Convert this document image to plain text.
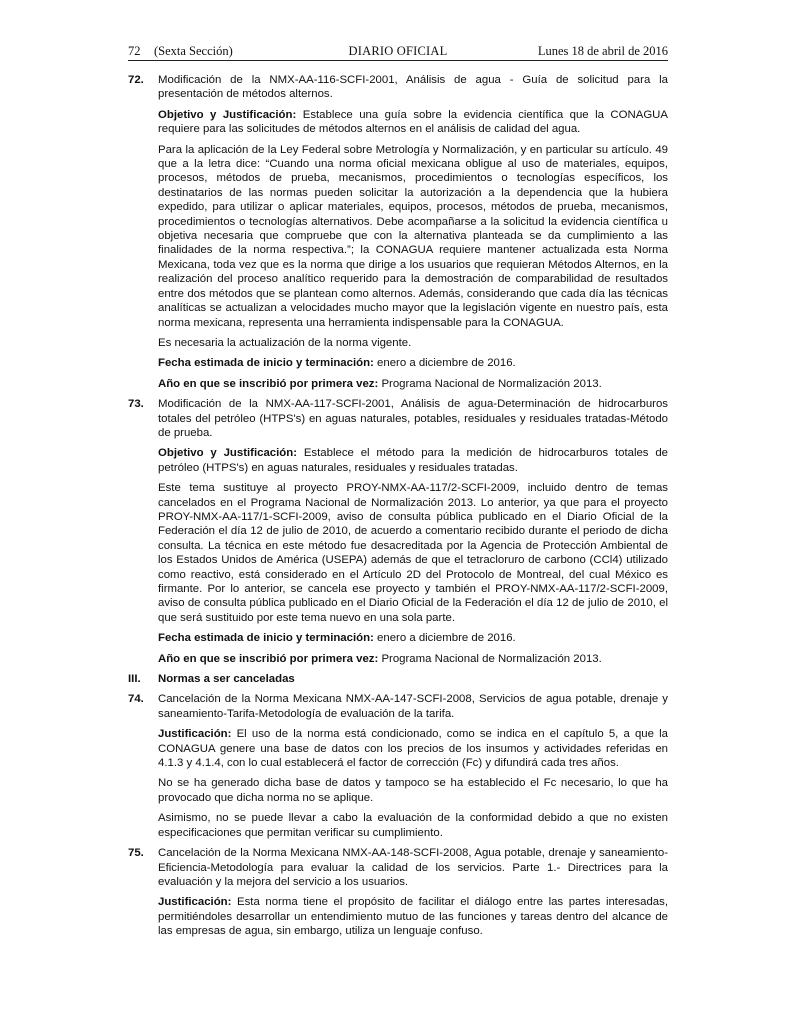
72 (Sexta Sección)	DIARIO OFICIAL	Lunes 18 de abril de 2016
72. Modificación de la NMX-AA-116-SCFI-2001, Análisis de agua - Guía de solicitud para la presentación de métodos alternos.

Objetivo y Justificación: Establece una guía sobre la evidencia científica que la CONAGUA requiere para las solicitudes de métodos alternos en el análisis de calidad del agua.

Para la aplicación de la Ley Federal sobre Metrología y Normalización, y en particular su artículo. 49 que a la letra dice: “Cuando una norma oficial mexicana obligue al uso de materiales, equipos, procesos, métodos de prueba, mecanismos, procedimientos o tecnologías específicos, los destinatarios de las normas pueden solicitar la autorización a la dependencia que la hubiera expedido, para utilizar o aplicar materiales, equipos, procesos, métodos de prueba, mecanismos, procedimientos o tecnologías alternativos. Debe acompañarse a la solicitud la evidencia científica u objetiva necesaria que compruebe que con la alternativa planteada se da cumplimiento a las finalidades de la norma respectiva.”; la CONAGUA requiere mantener actualizada esta Norma Mexicana, toda vez que es la norma que dirige a los usuarios que requieran Métodos Alternos, en la realización del proceso analítico requerido para la demostración de comparabilidad de resultados entre dos métodos que se plantean como alternos. Además, considerando que cada día las técnicas analíticas se actualizan a velocidades mucho mayor que la legislación vigente en nuestro país, esta norma mexicana, representa una herramienta indispensable para la CONAGUA.

Es necesaria la actualización de la norma vigente.

Fecha estimada de inicio y terminación: enero a diciembre de 2016.

Año en que se inscribió por primera vez: Programa Nacional de Normalización 2013.

73. Modificación de la NMX-AA-117-SCFI-2001, Análisis de agua-Determinación de hidrocarburos totales del petróleo (HTPS's) en aguas naturales, potables, residuales y residuales tratadas-Método de prueba.

Objetivo y Justificación: Establece el método para la medición de hidrocarburos totales de petróleo (HTPS's) en aguas naturales, residuales y residuales tratadas.

Este tema sustituye al proyecto PROY-NMX-AA-117/2-SCFI-2009, incluido dentro de temas cancelados en el Programa Nacional de Normalización 2013. Lo anterior, ya que para el proyecto PROY-NMX-AA-117/1-SCFI-2009, aviso de consulta pública publicado en el Diario Oficial de la Federación el día 12 de julio de 2010, de acuerdo a comentario recibido durante el periodo de dicha consulta. La técnica en este método fue desacreditada por la Agencia de Protección Ambiental de los Estados Unidos de América (USEPA) además de que el tetracloruro de carbono (CCl4) utilizado como reactivo, está considerado en el Artículo 2D del Protocolo de Montreal, del cual México es firmante. Por lo anterior, se cancela ese proyecto y también el PROY-NMX-AA-117/2-SCFI-2009, aviso de consulta pública publicado en el Diario Oficial de la Federación el día 12 de julio de 2010, el que será sustituido por este tema nuevo en una sola parte.

Fecha estimada de inicio y terminación: enero a diciembre de 2016.

Año en que se inscribió por primera vez: Programa Nacional de Normalización 2013.

III. Normas a ser canceladas

74. Cancelación de la Norma Mexicana NMX-AA-147-SCFI-2008, Servicios de agua potable, drenaje y saneamiento-Tarifa-Metodología de evaluación de la tarifa.

Justificación: El uso de la norma está condicionado, como se indica en el capítulo 5, a que la CONAGUA genere una base de datos con los precios de los insumos y actividades referidas en 4.1.3 y 4.1.4, con lo cual establecerá el factor de corrección (Fc) y difundirá cada tres años.

No se ha generado dicha base de datos y tampoco se ha establecido el Fc necesario, lo que ha provocado que dicha norma no se aplique.

Asimismo, no se puede llevar a cabo la evaluación de la conformidad debido a que no existen especificaciones que permitan verificar su cumplimiento.

75. Cancelación de la Norma Mexicana NMX-AA-148-SCFI-2008, Agua potable, drenaje y saneamiento-Eficiencia-Metodología para evaluar la calidad de los servicios. Parte 1.- Directrices para la evaluación y la mejora del servicio a los usuarios.

Justificación: Esta norma tiene el propósito de facilitar el diálogo entre las partes interesadas, permitiéndoles desarrollar un entendimiento mutuo de las funciones y tareas dentro del alcance de las empresas de agua, sin embargo, utiliza un lenguaje confuso.
